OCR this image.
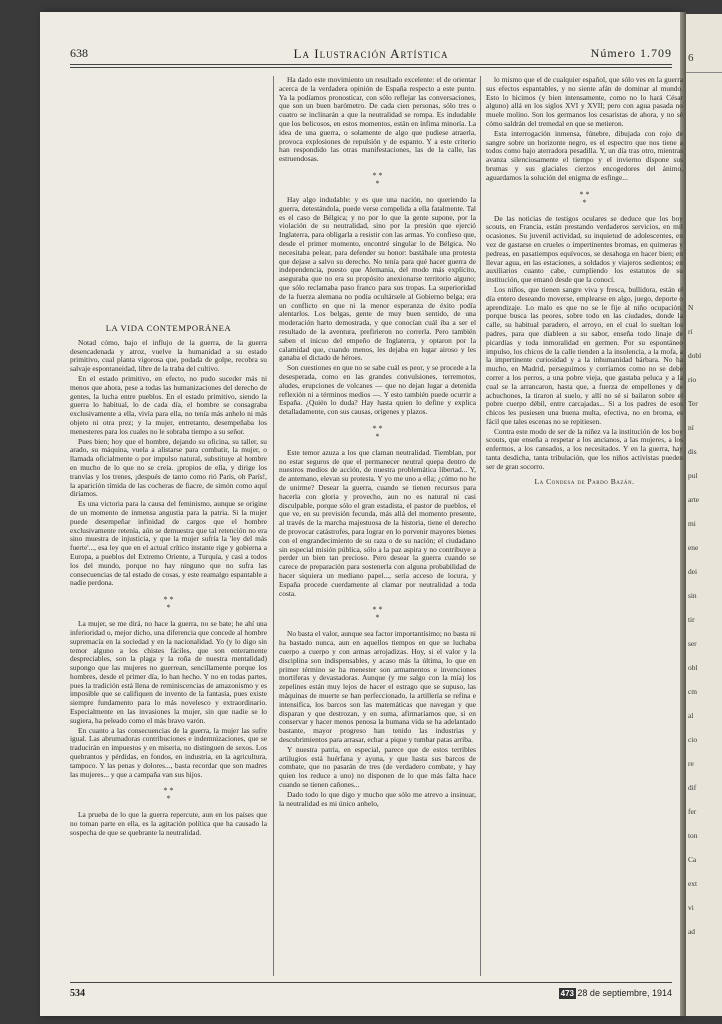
6
N
ri
dobl
rio
Ter
ní
dis
pul
arte
mi
ene
dei
sin
tir
ser
obl
cm
al
cio
re
dif
fer
ton
Ca
ext
vi
ad
638	La Ilustración Artística	Número 1.709
LA VIDA CONTEMPORÁNEA

Notad cómo, bajo el influjo de la guerra, de la guerra desencadenada y atroz, vuelve la humanidad a su estado primitivo, cual planta vigorosa que, podada de golpe, recobra su salvaje espontaneidad, libre de la traba del cultivo.

En el estado primitivo, en efecto, no pudo suceder más ni menos que ahora, pese a todas las humanizaciones del derecho de gentes, la lucha entre pueblos. En el estado primitivo, siendo la guerra lo habitual, lo de cada día, el hombre se consagraba exclusivamente a ella, vivía para ella, no tenía más anhelo ni más objeto ni otra prez; y la mujer, entretanto, desempeñaba los menesteres para los cuales no le sobraba tiempo a su señor.

Pues bien; hoy que el hombre, dejando su oficina, su taller, su arado, su máquina, vuela a alistarse para combatir, la mujer, o llamada oficialmente o por impulso natural, substituye al hombre en mucho de lo que no se creía. ¡propios de ella, y dirige los tranvías y los trenes, ¡después de tanto como rió París, oh París!, la aparición tímida de las cocheras de fiacre, de simón como aquí diríamos.

Es una victoria para la causa del feminismo, aunque se origine de un momento de inmensa angustia para la patria. Si la mujer puede desempeñar infinidad de cargos que el hombre exclusivamente retenía, aún se demuestra que tal retención no era sino muestra de injusticia, y que la mujer sufría la 'ley del más fuerte'..., esa ley que en el actual crítico instante rige y gobierna a Europa, a pueblos del Extremo Oriente, a Turquía, y casi a todos los del mundo, porque no hay ninguno que no sufra las consecuencias de tal estado de cosas, y este reamalgo espantable a nadie perdona.

* *
*

La mujer, se me dirá, no hace la guerra, no se bate; he ahí una inferioridad o, mejor dicho, una diferencia que concede al hombre supremacía en la sociedad y en la nacionalidad. Yo (y lo digo sin temor alguno a los chistes fáciles, que son enteramente despreciables, son la plaga y la roña de nuestra mentalidad) supongo que las mujeres no guerrean, sencillamente porque los hombres, desde el primer día, lo han hecho. Y no en todas partes, pues la tradición está llena de reminiscencias de amazonismo y es imposible que se califiquen de invento de la fantasía, pues existe siempre fundamento para lo más novelesco y extraordinario. Especialmente en las invasiones la mujer, sin que nadie se lo sugiera, ha peleado como el más bravo varón.

En cuanto a las consecuencias de la guerra, la mujer las sufre igual. Las abrumadoras contribuciones e indemnizaciones, que se traducirán en impuestos y en miseria, no distinguen de sexos. Los quebrantos y pérdidas, en fondos, en industria, en la agricultura, tampoco. Y las penas y dolores..., basta recordar que son madres las mujeres... y que a campaña van sus hijos.

* *
*

La prueba de lo que la guerra repercute, aun en los países que no toman parte en ella, es la agitación política que ha causado la sospecha de que se quebrante la neutralidad.

Ha dado este movimiento un resultado excelente: el de orientar acerca de la verdadera opinión de España respecto a este punto. Ya la podíamos pronosticar, con sólo reflejar las conversaciones, que son un buen barómetro. De cada cien personas, sólo tres o cuatro se inclinarán a que la neutralidad se rompa. Es indudable que los belicosos, en estos momentos, están en ínfima minoría. La idea de una guerra, o solamente de algo que pudiese atraerla, provoca explosiones de repulsión y de espanto. Y a este criterio han respondido las otras manifestaciones, las de la calle, las estruendosas.

* *
*

Hay algo indudable: y es que una nación, no queriendo la guerra, detestándola, puede verse compelida a ella fatalmente. Tal es el caso de Bélgica; y no por lo que la gente supone, por la violación de su neutralidad, sino por la presión que ejerció Inglaterra, para obligarla a resistir con las armas. Yo confieso que, desde el primer momento, encontré singular lo de Bélgica. No necesitaba pelear, para defender su honor: bastábale una protesta que dejase a salvo su derecho. No tenía para qué hacer guerra de independencia, puesto que Alemania, del modo más explícito, aseguraba que no era su propósito anexionarse territorio alguno; que sólo reclamaba paso franco para sus tropas. La superioridad de la fuerza alemana no podía ocultársele al Gobierno belga; era un conflicto en que ni la menor esperanza de éxito podía alentarlos. Los belgas, gente de muy buen sentido, de una moderación harto demostrada, y que conocían cuál iba a ser el resultado de la aventura, prefirieron no correrla. Pero también saben el inicuo del empeño de Inglaterra, y optaron por la calamidad que, cuando menos, les dejaba en lugar airoso y les ganaba el dictado de héroes.

Son cuestiones en que no se sabe cuál es peor, y se procede a la desesperada, como en las grandes convulsiones, terremotos, aludes, erupciones de volcanes — que no dejan lugar a detenida reflexión ni a términos medios —. Y esto también puede ocurrir a España. ¿Quién lo duda? Hay hasta quien lo define y explica detalladamente, con sus causas, orígenes y plazos.

* *
*

Este temor azuza a los que claman neutralidad. Tiemblan, por no estar seguros de que el permanecer neutral quepa dentro de nuestros medios de acción, de nuestra problemática libertad... Y, de antemano, elevan su protesta. Y yo me uno a ella; ¿cómo no he de unirme? Desear la guerra, cuando se tienen recursos para hacerla con gloria y provecho, aun no es natural ni casi disculpable, porque sólo el gran estadista, el pastor de pueblos, el que ve, en su previsión fecunda, más allá del momento presente, al través de la marcha majestuosa de la historia, tiene el derecho de provocar catástrofes, para lograr en lo porvenir mayores bienes con el engrandecimiento de su raza o de su nación; el ciudadano sin especial misión pública, sólo a la paz aspira y no contribuye a perder un bien tan precioso. Pero desear la guerra cuando se carece de preparación para sostenerla con alguna probabilidad de hacer siquiera un mediano papel..., sería acceso de locura, y España procede cuerdamente al clamar por neutralidad a toda costa.

* *
*

No basta el valor, aunque sea factor importantísimo; no basta ni ha bastado nunca, aun en aquellos tiempos en que se luchaba cuerpo a cuerpo y con armas arrojadizas. Hoy, si el valor y la disciplina son indispensables, y acaso más la última, lo que en primer término se ha menester son armamentos e invenciones mortíferas y devastadoras. Aunque (y me salgo con la mía) los zepelines están muy lejos de hacer el estrago que se supuso, las máquinas de muerte se han perfeccionado, la artillería se refina e intensifica, los barcos son las matemáticas que navegan y que disparan y que destrozan, y en suma, afirmaríamos que, si en conservar y hacer menos penosa la humana vida se ha adelantado bastante, mayor progreso han tenido las industrias y descubrimientos para arrasar, echar a pique y tumbar patas arriba.

Y nuestra patria, en especial, parece que de estos terribles artilugios está huérfana y ayuna, y que hasta sus barcos de combate, que no pasarán de tres (de verdadero combate, y hay quien los reduce a uno) no disponen de lo que más falta hace cuando se tienen cañones...

Dado todo lo que digo y mucho que sólo me atrevo a insinuar, la neutralidad es mi único anhelo,

lo mismo que el de cualquier español, que sólo ves en la guerra sus efectos espantables, y no siente afán de dominar al mundo. Esto lo hicimos (y bien intensamente, como no lo hará César alguno) allá en los siglos XVI y XVII; pero con agua pasada no muele molino. Son los germanos los cesaristas de ahora, y no sé cómo saldrán del tremedal en que se metieron.

Esta interrogación inmensa, fúnebre, dibujada con rojo de sangre sobre un horizonte negro, es el espectro que nos tiene a todos como bajo aterradora pesadilla. Y, un día tras otro, mientras avanza silenciosamente el tiempo y el invierno dispone sus brumas y sus glaciales cierzos encogedores del ánimo, aguardamos la solución del enigma de esfinge...

* *
*

De las noticias de testigos oculares se deduce que los boy scouts, en Francia, están prestando verdaderos servicios, en mil ocasiones. Su juvenil actividad, su inquietud de adolescentes, en vez de gastarse en crueles o impertinentes bromas, en quimeras y pedreas, en pasatiempos equívocos, se desahoga en hacer bien; en llevar agua, en las estaciones, a soldados y viajeros sedientos; en auxiliarios cuanto cabe, cumpliendo los estatutos de su institución, que emanó desde que la conocí.

Los niños, que tienen sangre viva y fresca, bullidora, están el día entero deseando moverse, emplearse en algo, juego, deporte o aprendizaje. Lo malo es que no se le fije al niño ocupación; porque busca las peores, sobre todo en las ciudades, donde la calle, su habitual paradero, el arroyo, en el cual lo sueltan los padres, para que diableen a su sabor, enseña todo linaje de picardías y toda inmoralidad en germen. Por su espontáneo impulso, los chicos de la calle tienden a la insolencia, a la mofa, a la impertinente curiosidad y a la inhumanidad bárbara. No ha mucho, en Madrid, perseguimos y corríamos como no se debe correr a los perros, a una pobre vieja, que gastaba peluca y a la cual se la arrancaron, hasta que, a fuerza de empellones y de achuchones, la tiraron al suelo, y allí no sé si bailaron sobre el pobre cuerpo débil, entre carcajadas... Si a los padres de esos chicos les pusiesen una buena multa, efectiva, no en broma, es fácil que tales escenas no se repitiesen.

Contra este modo de ser de la niñez va la institución de los boy scouts, que enseña a respetar a los ancianos, a las mujeres, a los enfermos, a los cansados, a los necesitados. Y en la guerra, hay tanta desdicha, tanta tribulación, que los niños activistas pueden ser de gran socorro.

La Condesa de Pardo Bazán.
534	473 28 de septiembre, 1914
